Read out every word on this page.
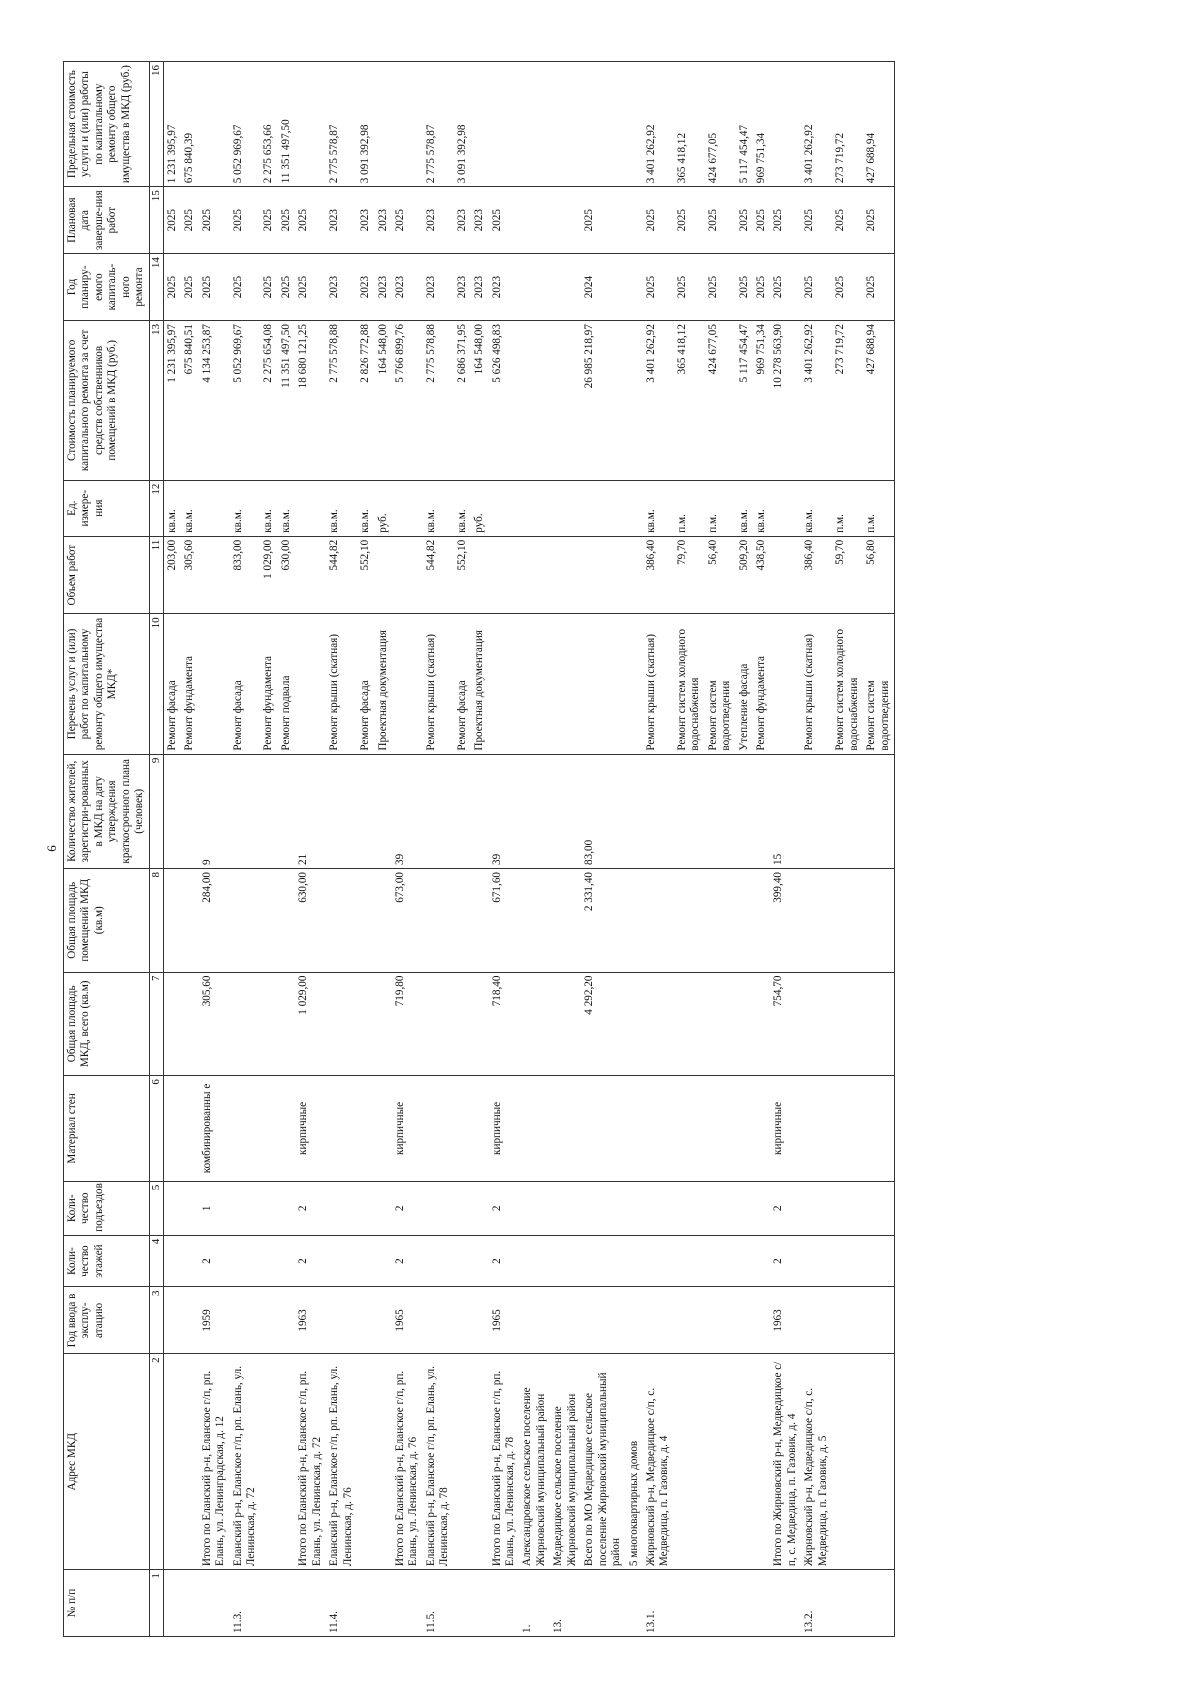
6
№ п/п	Адрес МКД	Год ввода в эксплу-атацию	Коли-чество этажей	Коли-чество подъездов	Материал стен	Общая площадь МКД, всего (кв.м)	Общая площадь помещений МКД (кв.м)	Количество жителей, зарегистри-рованных в МКД на дату утверждения краткосрочного плана (человек)	Перечень услуг и (или) работ по капитальному ремонту общего имущества МКД*	Объем работ	Ед. измере-ния	Стоимость планируемого капитального ремонта за счет средств собственников помещений в МКД (руб.)	Год планиру-емого капиталь-ного ремонта	Плановая дата заверше-ния работ	Предельная стоимость услуги и (или) работы по капитальному ремонту общего имущества в МКД (руб.)
1	2	3	4	5	6	7	8	9	10	11	12	13	14	15	16
									Ремонт фасада	203,00	кв.м.	1 231 395,97	2025	2025	1 231 395,97
									Ремонт фундамента	305,60	кв.м.	675 840,51	2025	2025	675 840,39
	Итого по Еланский р-н, Еланское г/п, рп. Елань, ул. Ленинградская, д. 12	1959	2	1	комбинированны е	305,60	284,00	9				4 134 253,87	2025	2025	
11.3.	Еланский р-н, Еланское г/п, рп. Елань, ул. Ленинская, д. 72								Ремонт фасада	833,00	кв.м.	5 052 969,67	2025	2025	5 052 969,67
									Ремонт фундамента	1 029,00	кв.м.	2 275 654,08	2025	2025	2 275 653,66
									Ремонт подвала	630,00	кв.м.	11 351 497,50	2025	2025	11 351 497,50
	Итого по Еланский р-н, Еланское г/п, рп. Елань, ул. Ленинская, д. 72	1963	2	2	кирпичные	1 029,00	630,00	21				18 680 121,25	2025	2025	
11.4.	Еланский р-н, Еланское г/п, рп. Елань, ул. Ленинская, д. 76								Ремонт крыши (скатная)	544,82	кв.м.	2 775 578,88	2023	2023	2 775 578,87
									Ремонт фасада	552,10	кв.м.	2 826 772,88	2023	2023	3 091 392,98
									Проектная документация		руб.	164 548,00	2023	2023	
	Итого по Еланский р-н, Еланское г/п, рп. Елань, ул. Ленинская, д. 76	1965	2	2	кирпичные	719,80	673,00	39				5 766 899,76	2023	2025	
11.5.	Еланский р-н, Еланское г/п, рп. Елань, ул. Ленинская, д. 78								Ремонт крыши (скатная)	544,82	кв.м.	2 775 578,88	2023	2023	2 775 578,87
									Ремонт фасада	552,10	кв.м.	2 686 371,95	2023	2023	3 091 392,98
									Проектная документация		руб.	164 548,00	2023	2023	
	Итого по Еланский р-н, Еланское г/п, рп. Елань, ул. Ленинская, д. 78	1965	2	2	кирпичные	718,40	671,60	39				5 626 498,83	2023	2025	
1.	Александровское сельское поселение Жирновский муниципальный район														
13.	Медведицкое сельское поселение Жирновский муниципальный район														
	Всего по МО Медведицкое сельское поселение Жирновский муниципальный район					4 292,20	2 331,40	83,00				26 985 218,97	2024	2025	
	5 многоквартирных домов														
13.1.	Жирновский р-н, Медведицкое с/п, с. Медведица, п. Газовик, д. 4								Ремонт крыши (скатная)	386,40	кв.м.	3 401 262,92	2025	2025	3 401 262,92
									Ремонт систем холодного водоснабжения	79,70	п.м.	365 418,12	2025	2025	365 418,12
									Ремонт систем водоотведения	56,40	п.м.	424 677,05	2025	2025	424 677,05
									Утепление фасада	509,20	кв.м.	5 117 454,47	2025	2025	5 117 454,47
									Ремонт фундамента	438,50	кв.м.	969 751,34	2025	2025	969 751,34
	Итого по Жирновский р-н, Медведицкое с/п, с. Медведица, п. Газовик, д. 4	1963	2	2	кирпичные	754,70	399,40	15				10 278 563,90	2025	2025	
13.2.	Жирновский р-н, Медведицкое с/п, с. Медведица, п. Газовик, д. 5								Ремонт крыши (скатная)	386,40	кв.м.	3 401 262,92	2025	2025	3 401 262,92
									Ремонт систем холодного водоснабжения	59,70	п.м.	273 719,72	2025	2025	273 719,72
									Ремонт систем водоотведения	56,80	п.м.	427 688,94	2025	2025	427 688,94
